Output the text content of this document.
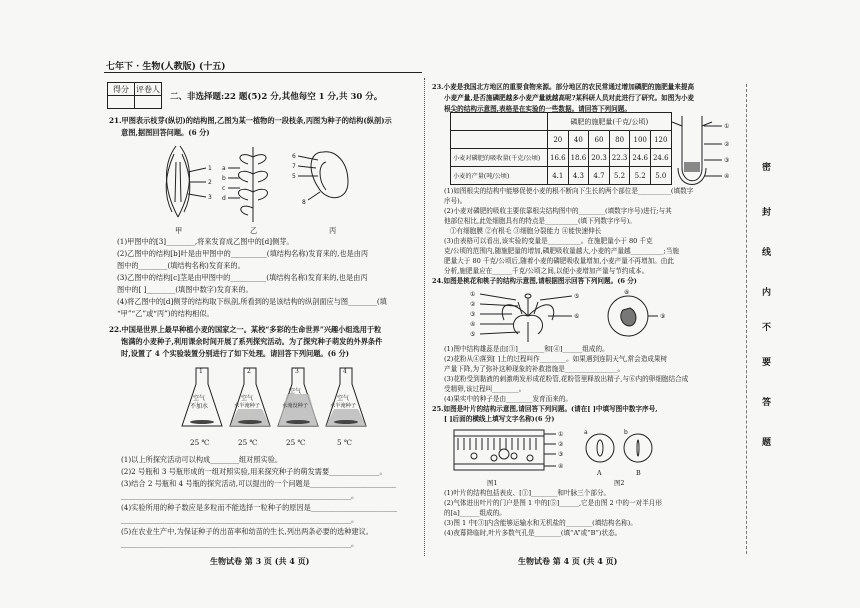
七年下 · 生物(人教版) (十五)
得分	评卷人

二、非选择题:22 题(5)2 分,其他每空 1 分,共 30 分。
21.甲图表示枝芽(纵切)的结构图,乙图为某一植物的一段枝条,丙图为种子的结构(纵剖)示
意图,据图回答问题。(6 分)
1
2
3
a
b
c
d
6
7
5
8
甲	乙	丙
(1)甲图中的[3]________,将来发育成乙图中的[d]侧芽。
(2)乙图中的结构[b]叶是由甲图中的__________(填结构名称)发育来的,也是由丙
图中的________(填结构名称)发育来的。
(3)乙图中的结构[c]茎是由甲图中的__________(填结构名称)发育来的,也是由丙
图中的[ ]________(填图中数字)发育来的。
(4)将乙图中的[d]侧芽的结构取下纵剖,所看到的是该结构的纵剖面应与图________(填
“甲”“乙”或“丙”)的结构相似。
22.中国是世界上最早种植小麦的国家之一。某校“多彩的生命世界”兴趣小组选用于粒
饱满的小麦种子,利用课余时间开展了系列探究活动。为了探究种子萌发的外界条件
时,设置了 4 个实验装置分别进行了如下处理。请回答下列问题。(6 分)
1
空气
不加水
2
空气
水半淹种子
3
空气
水淹没种子
4
空气
水半淹种子
25 ℃	25 ℃	25 ℃	5 ℃
(1)以上所探究活动可以构成________组对照实验。
(2)2 号瓶和 3 号瓶形成的一组对照实验,用来探究种子的萌发需要______________。
(3)结合 2 号瓶和 4 号瓶的探究活动,可以提出的一个问题是________________________
________________________________________________________________。
(4)实验所用的种子数应是多粒而不能选择一粒种子的原因是________________________
________________________________________________________________。
(5)在农业生产中,为保证种子的出苗率和幼苗的生长,列出两条必要的选种建议。
________________________________________________________________。
生物试卷 第 3 页 (共 4 页)
23.小麦是我国北方地区的重要食物来源。部分地区的农民常通过增加磷肥的施肥量来提高
小麦产量,是否施磷肥越多小麦产量就越高呢?某科研人员对此进行了研究。如图为小麦
根尖的结构示意图,表格是在实验的一些数据。请回答下列问题。
	磷肥的施肥量(千克/公顷)					
	20	40	60	80	100	120
小麦对磷肥的吸收量(千克/公顷)	16.6	18.6	20.3	22.3	24.6	24.6
小麦的产量(吨/公顷)	4.1	4.3	4.7	5.2	5.2	5.0
①
②
③
④
(1)如图根尖的结构中能够促使小麦的根不断向下生长的两个部位是__________(填数字
序号)。
(2)小麦对磷肥的吸收主要依靠根尖结构图中的________(填数字序号)进行;与其
他部位相比,此处细胞具有的特点是__________(填下列数字序号)。
①有细胞膜 ②有根毛 ③细胞分裂能力 ④能快速伸长
(3)由表格可以看出,该实验的变量是__________。在施肥量小于 80 千克
克/公顷的范围内,随施肥量的增加,磷肥吸收量越大,小麦的产量越__________;当施
肥量大于 80 千克/公顷后,随着小麦的磷肥吸收量增加,小麦产量不再增加。由此
分析,施肥量应在______千克/公顷之间,以便小麦增加产量与节约成本。
24.如图是桃花和桃子的结构示意图,请根据图示回答下列问题。(6 分)
①
②
③
④
⑤
⑤
⑥	⑨
⑧
(1)图中结构雄蕊是由[③]________和[④]______组成的。
(2)花粉从④落到[ ]上的过程叫作________。如果遇到连阴天气,常会造成果树
产量下降,为了弥补这种现象的补救措施是________________。
(3)花粉受到黏液的刺激萌发形成花粉管,花粉管里释放出精子,与⑥内的卵细胞结合成
受精卵,该过程叫________。
(4)果实中的种子是由________发育而来的。
25.如图是叶片的结构示意图,请回答下列问题。(请在[ ]中填写图中数字序号,
[ ]后面的横线上填写文字名称)(6 分)
①
②
③
④
a	b
图1
A	B
图2
(1)叶片的结构包括表皮、[①]________和叶脉三个部分。
(2)气体进出叶片的门户是图 1 中的[⑤]______,它是由图 2 中的一对半月形
的[a]______组成的。
(3)图 1 中[③]内含能够运输水和无机盐的________(填结构名称)。
(4)夜幕降临时,叶片多数气孔是________(填“A”或“B”)状态。
生物试卷 第 4 页 (共 4 页)
密
封
线
内
不
要
答
题
